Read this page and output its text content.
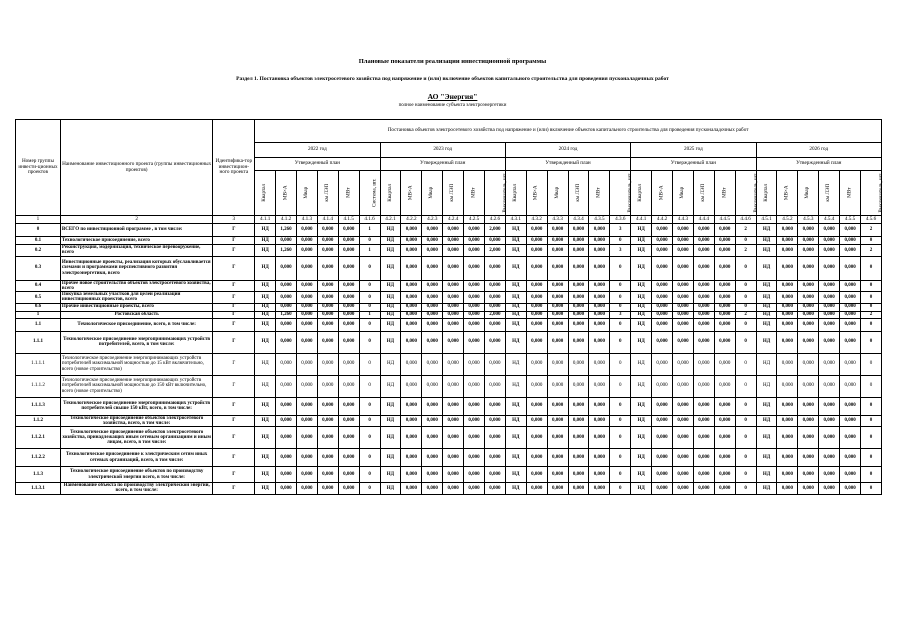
Плановые показатели реализации инвестиционной программы
Раздел 1. Постановка объектов электросетевого хозяйства под напряжение и (или) включение объектов капитального строительства для проведения пусконаладочных работ
АО "Энергия"
полное наименование субъекта электроэнергетики
Номер группы инвести-ционных проектов	Наименование инвестиционного проекта (группы инвестиционных проектов)	Идентифика-тор инвестицион-ного проекта	Постановка объектов электросетевого хозяйства под напряжение и (или) включение объектов капитального строительства для проведения пусконаладочных работ																													
			2022 год						2023 год						2024 год						2025 год						2026 год					
			Утвержденный план						Утвержденный план						Утвержденный план						Утвержденный план						Утвержденный план					
			Квартал	МВ×А	Мвар	км ЛЭП	МВт	Система, шт.	Квартал	МВ×А	Мвар	км ЛЭП	МВт	Выключатель, шт.	Квартал	МВ×А	Мвар	км ЛЭП	МВт	Выключатель, шт.	Квартал	МВ×А	Мвар	км ЛЭП	МВт	Выключатель, шт.	Квартал	МВ×А	Мвар	км ЛЭП	МВт	Выключатель, шт.
1	2	3	4.1.1	4.1.2	4.1.3	4.1.4	4.1.5	4.1.6	4.2.1	4.2.2	4.2.3	4.2.4	4.2.5	4.2.6	4.3.1	4.3.2	4.3.3	4.3.4	4.3.5	4.3.6	4.4.1	4.4.2	4.4.3	4.4.4	4.4.5	4.4.6	4.5.1	4.5.2	4.5.3	4.5.4	4.5.5	4.5.6
0	ВСЕГО по инвестиционной программе , в том числе:	Г	НД	1,260	0,000	0,000	0,000	1	НД	0,000	0,000	0,000	0,000	2,000	НД	0,000	0,000	0,000	0,000	3	НД	0,000	0,000	0,000	0,000	2	НД	0,000	0,000	0,000	0,000	2
0.1	Технологическое присоединение, всего	Г	НД	0,000	0,000	0,000	0,000	0	НД	0,000	0,000	0,000	0,000	0,000	НД	0,000	0,000	0,000	0,000	0	НД	0,000	0,000	0,000	0,000	0	НД	0,000	0,000	0,000	0,000	0
0.2	Реконструкция, модернизация, техническое перевооружение, всего	Г	НД	1,260	0,000	0,000	0,000	1	НД	0,000	0,000	0,000	0,000	2,000	НД	0,000	0,000	0,000	0,000	3	НД	0,000	0,000	0,000	0,000	2	НД	0,000	0,000	0,000	0,000	2
0.3	Инвестиционные проекты, реализация которых обуславливается схемами и программами перспективного развития электроэнергетики, всего	Г	НД	0,000	0,000	0,000	0,000	0	НД	0,000	0,000	0,000	0,000	0,000	НД	0,000	0,000	0,000	0,000	0	НД	0,000	0,000	0,000	0,000	0	НД	0,000	0,000	0,000	0,000	0
0.4	Прочее новое строительство объектов электросетевого хозяйства, всего	Г	НД	0,000	0,000	0,000	0,000	0	НД	0,000	0,000	0,000	0,000	0,000	НД	0,000	0,000	0,000	0,000	0	НД	0,000	0,000	0,000	0,000	0	НД	0,000	0,000	0,000	0,000	0
0.5	Покупка земельных участков для целей реализации инвестиционных проектов, всего	Г	НД	0,000	0,000	0,000	0,000	0	НД	0,000	0,000	0,000	0,000	0,000	НД	0,000	0,000	0,000	0,000	0	НД	0,000	0,000	0,000	0,000	0	НД	0,000	0,000	0,000	0,000	0
0.6	Прочие инвестиционные проекты, всего	Г	НД	0,000	0,000	0,000	0,000	0	НД	0,000	0,000	0,000	0,000	0,000	НД	0,000	0,000	0,000	0,000	0	НД	0,000	0,000	0,000	0,000	0	НД	0,000	0,000	0,000	0,000	0
1	Ростовская область	Г	НД	1,260	0,000	0,000	0,000	1	НД	0,000	0,000	0,000	0,000	2,000	НД	0,000	0,000	0,000	0,000	3	НД	0,000	0,000	0,000	0,000	2	НД	0,000	0,000	0,000	0,000	2
1.1	Технологическое присоединение, всего, в том числе:	Г	НД	0,000	0,000	0,000	0,000	0	НД	0,000	0,000	0,000	0,000	0,000	НД	0,000	0,000	0,000	0,000	0	НД	0,000	0,000	0,000	0,000	0	НД	0,000	0,000	0,000	0,000	0
1.1.1	Технологическое присоединение энергопринимающих устройств потребителей, всего, в том числе:	Г	НД	0,000	0,000	0,000	0,000	0	НД	0,000	0,000	0,000	0,000	0,000	НД	0,000	0,000	0,000	0,000	0	НД	0,000	0,000	0,000	0,000	0	НД	0,000	0,000	0,000	0,000	0
1.1.1.1	Технологическое присоединение энергопринимающих устройств потребителей максимальной мощностью до 15 кВт включительно, всего (новое строительство)	Г	НД	0,000	0,000	0,000	0,000	0	НД	0,000	0,000	0,000	0,000	0,000	НД	0,000	0,000	0,000	0,000	0	НД	0,000	0,000	0,000	0,000	0	НД	0,000	0,000	0,000	0,000	0
1.1.1.2	Технологическое присоединение энергопринимающих устройств потребителей максимальной мощностью до 150 кВт включительно, всего (новое строительство)	Г	НД	0,000	0,000	0,000	0,000	0	НД	0,000	0,000	0,000	0,000	0,000	НД	0,000	0,000	0,000	0,000	0	НД	0,000	0,000	0,000	0,000	0	НД	0,000	0,000	0,000	0,000	0
1.1.1.3	Технологическое присоединение энергопринимающих устройств потребителей свыше 150 кВт, всего, в том числе:	Г	НД	0,000	0,000	0,000	0,000	0	НД	0,000	0,000	0,000	0,000	0,000	НД	0,000	0,000	0,000	0,000	0	НД	0,000	0,000	0,000	0,000	0	НД	0,000	0,000	0,000	0,000	0
1.1.2	Технологическое присоединение объектов электросетевого хозяйства, всего, в том числе:	Г	НД	0,000	0,000	0,000	0,000	0	НД	0,000	0,000	0,000	0,000	0,000	НД	0,000	0,000	0,000	0,000	0	НД	0,000	0,000	0,000	0,000	0	НД	0,000	0,000	0,000	0,000	0
1.1.2.1	Технологическое присоединение объектов электросетевого хозяйства, принадлежащих иным сетевым организациям и иным лицам, всего, в том числе:	Г	НД	0,000	0,000	0,000	0,000	0	НД	0,000	0,000	0,000	0,000	0,000	НД	0,000	0,000	0,000	0,000	0	НД	0,000	0,000	0,000	0,000	0	НД	0,000	0,000	0,000	0,000	0
1.1.2.2	Технологическое присоединение к электрическим сетям иных сетевых организаций, всего, в том числе:	Г	НД	0,000	0,000	0,000	0,000	0	НД	0,000	0,000	0,000	0,000	0,000	НД	0,000	0,000	0,000	0,000	0	НД	0,000	0,000	0,000	0,000	0	НД	0,000	0,000	0,000	0,000	0
1.1.3	Технологическое присоединение объектов по производству электрической энергии всего, в том числе:	Г	НД	0,000	0,000	0,000	0,000	0	НД	0,000	0,000	0,000	0,000	0,000	НД	0,000	0,000	0,000	0,000	0	НД	0,000	0,000	0,000	0,000	0	НД	0,000	0,000	0,000	0,000	0
1.1.3.1	Наименование объекта по производству электрической энергии, всего, в том числе:	Г	НД	0,000	0,000	0,000	0,000	0	НД	0,000	0,000	0,000	0,000	0,000	НД	0,000	0,000	0,000	0,000	0	НД	0,000	0,000	0,000	0,000	0	НД	0,000	0,000	0,000	0,000	0
